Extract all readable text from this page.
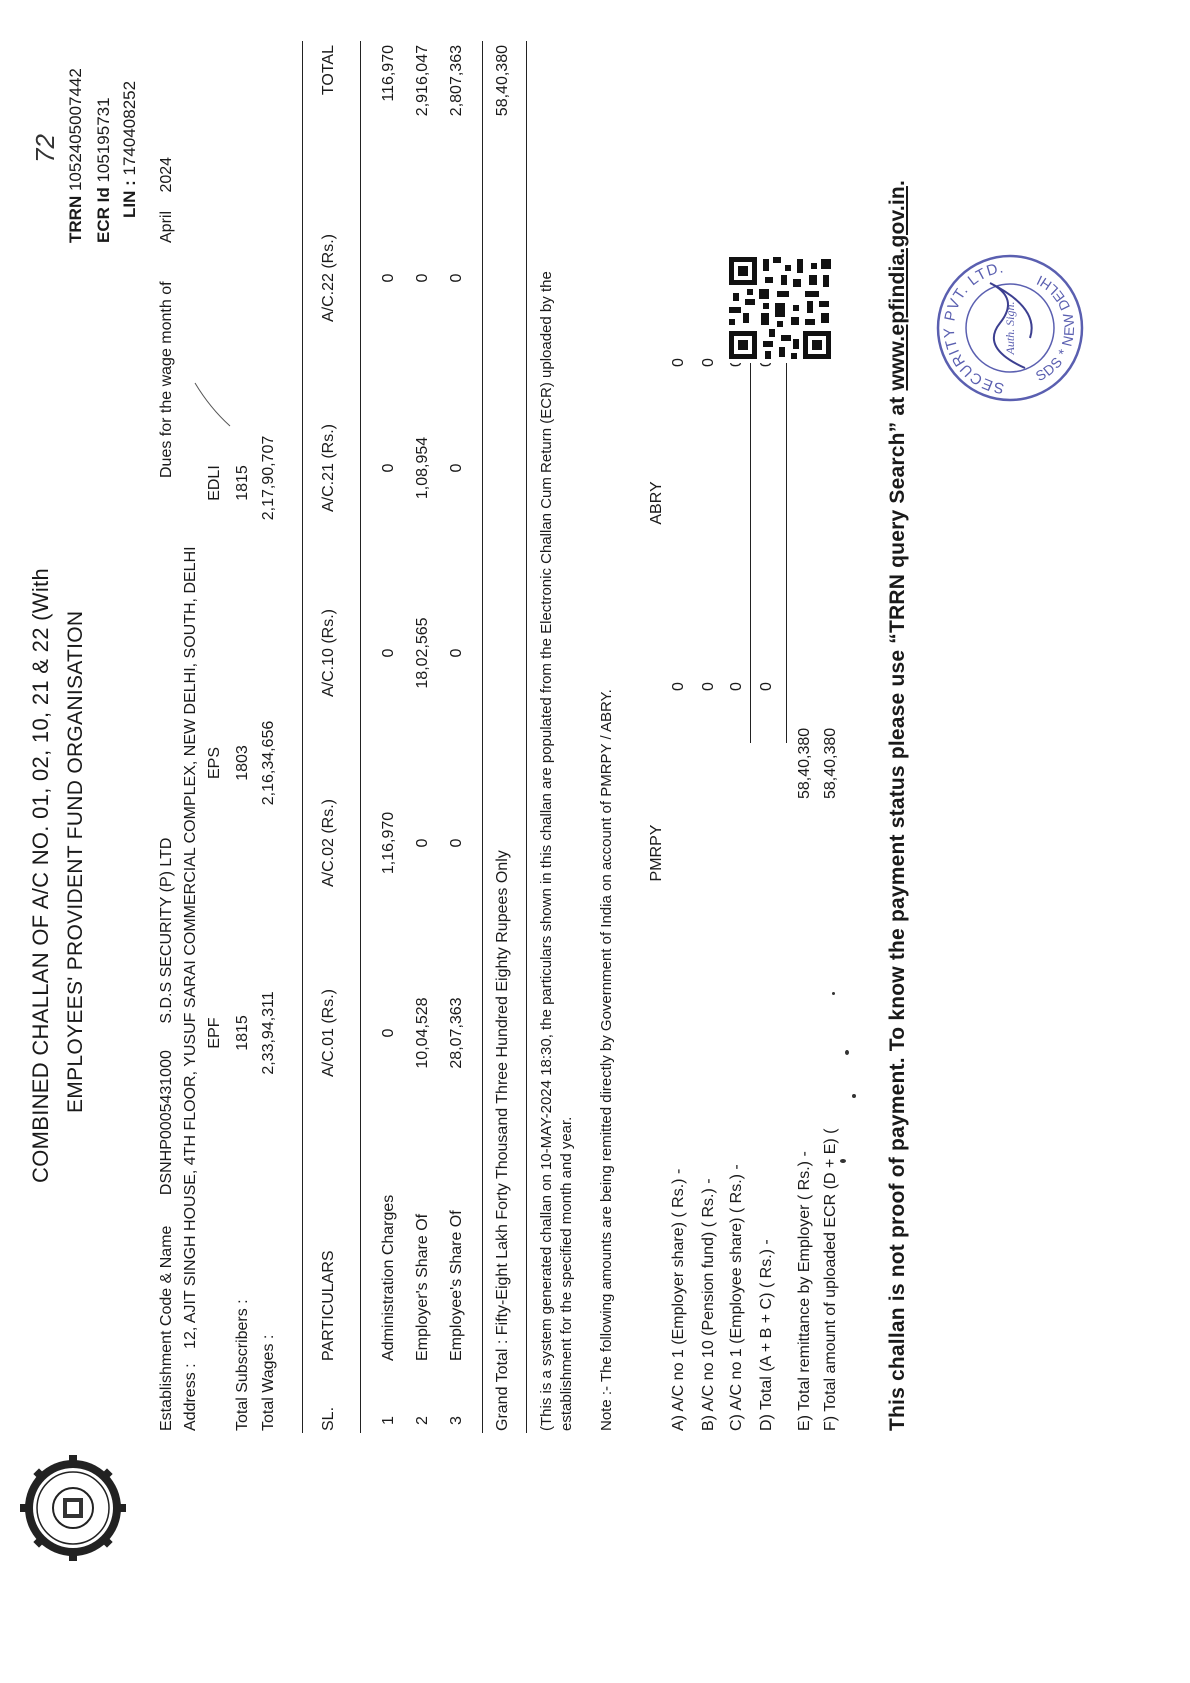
72
COMBINED CHALLAN OF A/C NO. 01, 02, 10, 21 & 22 (With EMPLOYEES' PROVIDENT FUND ORGANISATION
TRRN 1052405007442
ECR Id 105195731
LIN : 1740408252
Establishment Code & Name DSNHP0005431000 S.D.S SECURITY (P) LTD
Address : 12, AJIT SINGH HOUSE, 4TH FLOOR, YUSUF SARAI COMMERCIAL COMPLEX, NEW DELHI, SOUTH, DELHI
Dues for the wage month of April 2024
EPF
EPS
EDLI
Total Subscribers :
1815
1803
1815
Total Wages :
2,33,94,311
2,16,34,656
2,17,90,707
SL.
PARTICULARS
A/C.01 (Rs.)
A/C.02 (Rs.)
A/C.10 (Rs.)
A/C.21 (Rs.)
A/C.22 (Rs.)
TOTAL
1
Administration Charges
0
1,16,970
0
0
0
116,970
2
Employer's Share Of
10,04,528
0
18,02,565
1,08,954
0
2,916,047
3
Employee's Share Of
28,07,363
0
0
0
0
2,807,363
Grand Total : Fifty-Eight Lakh Forty Thousand Three Hundred Eighty Rupees Only
58,40,380
(This is a system generated challan on 10-MAY-2024 18:30, the particulars shown in this challan are populated from the Electronic Challan Cum Return (ECR) uploaded by the establishment for the specified month and year. Note :- The following amounts are being remitted directly by Government of India on account of PMRPY / ABRY. PMRPY
ABRY
A) A/C no 1 (Employer share) ( Rs.) -
0
0
B) A/C no 10 (Pension fund) ( Rs.) -
0
0
C) A/C no 1 (Employee share) ( Rs.) -
0
D) Total (A + B + C) ( Rs.) -
0
E) Total remittance by Employer ( Rs.) -
58,40,380
F) Total amount of uploaded ECR (D + E) (
58,40,380
SECURITY PVT. LTD.
SDS * NEW DELHI
Auth. Sign.
This challan is not proof of payment. To know the payment status please use “TRRN query Search” at www.epfindia.gov.in.
